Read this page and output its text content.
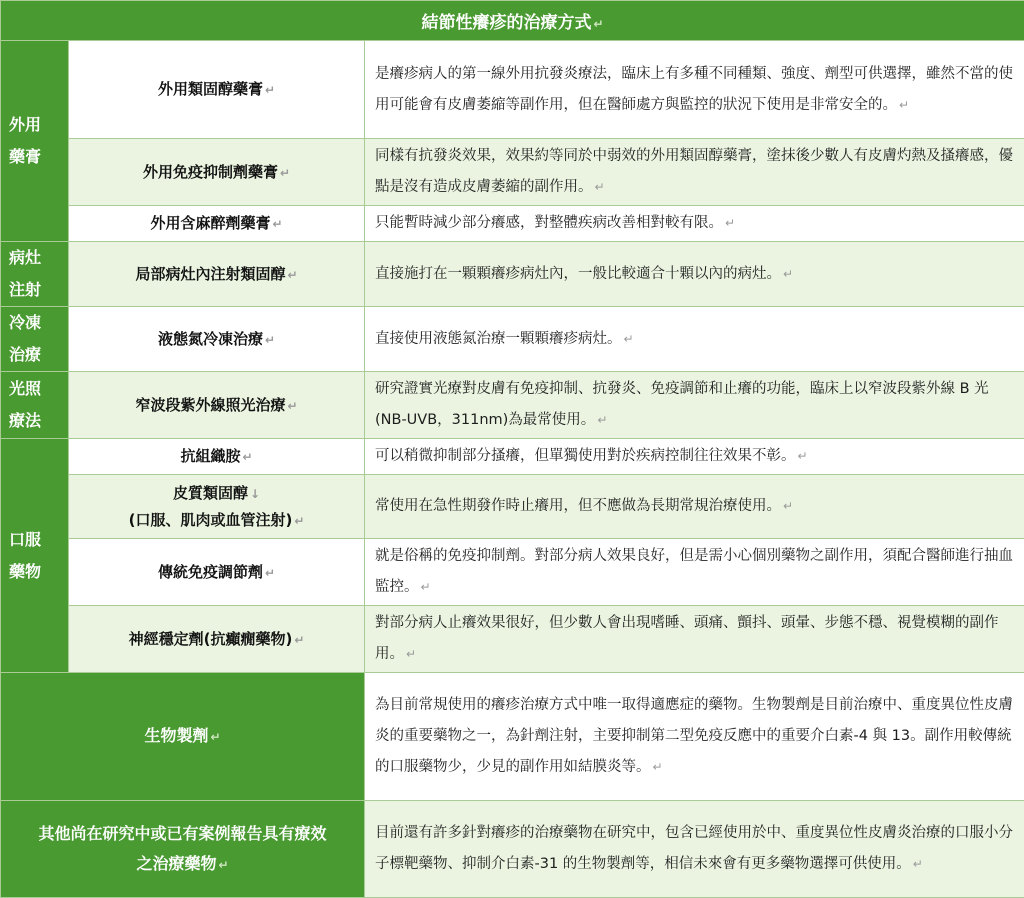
結節性癢疹的治療方式 ↵		

外用
藥膏	外用類固醇藥膏 ↵	是癢疹病人的第一線外用抗發炎療法，臨床上有多種不同種類、強度、劑型可供選擇，雖然不當的使用可能會有皮膚萎縮等副作用，但在醫師處方與監控的狀況下使用是非常安全的。 ↵
	外用免疫抑制劑藥膏 ↵	同樣有抗發炎效果，效果約等同於中弱效的外用類固醇藥膏，塗抹後少數人有皮膚灼熱及搔癢感，優點是沒有造成皮膚萎縮的副作用。 ↵
	外用含麻醉劑藥膏 ↵	只能暫時減少部分癢感，對整體疾病改善相對較有限。 ↵

病灶
注射	局部病灶內注射類固醇 ↵	直接施打在一顆顆癢疹病灶內，一般比較適合十顆以內的病灶。 ↵

冷凍
治療	液態氮冷凍治療 ↵	直接使用液態氮治療一顆顆癢疹病灶。 ↵

光照
療法	窄波段紫外線照光治療 ↵	研究證實光療對皮膚有免疫抑制、抗發炎、免疫調節和止癢的功能，臨床上以窄波段紫外線 B 光(NB-UVB，311nm)為最常使用。 ↵

口服
藥物	抗組織胺 ↵	可以稍微抑制部分搔癢，但單獨使用對於疾病控制往往效果不彰。 ↵
	皮質類固醇 ↓
(口服、肌肉或血管注射) ↵	常使用在急性期發作時止癢用，但不應做為長期常規治療使用。 ↵
	傳統免疫調節劑 ↵	就是俗稱的免疫抑制劑。對部分病人效果良好，但是需小心個別藥物之副作用，須配合醫師進行抽血監控。 ↵
	神經穩定劑(抗癲癇藥物) ↵	對部分病人止癢效果很好，但少數人會出現嗜睡、頭痛、顫抖、頭暈、步態不穩、視覺模糊的副作用。 ↵
生物製劑 ↵		為目前常規使用的癢疹治療方式中唯一取得適應症的藥物。生物製劑是目前治療中、重度異位性皮膚炎的重要藥物之一，為針劑注射，主要抑制第二型免疫反應中的重要介白素-4 與 13。副作用較傳統的口服藥物少，少見的副作用如結膜炎等。 ↵
其他尚在研究中或已有案例報告具有療效
之治療藥物 ↵		目前還有許多針對癢疹的治療藥物在研究中，包含已經使用於中、重度異位性皮膚炎治療的口服小分子標靶藥物、抑制介白素-31 的生物製劑等，相信未來會有更多藥物選擇可供使用。 ↵
